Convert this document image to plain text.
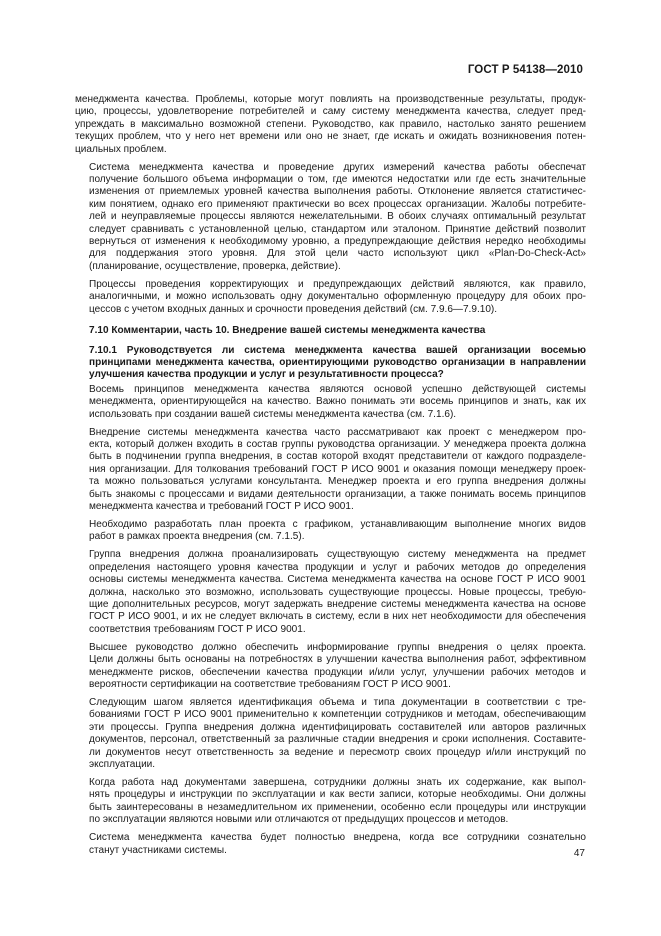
ГОСТ Р 54138—2010

менеджмента качества. Проблемы, которые могут повлиять на производственные результаты, продук-
цию, процессы, удовлетворение потребителей и саму систему менеджмента качества, следует пред-
упреждать в максимально возможной степени. Руководство, как правило, настолько занято решением
текущих проблем, что у него нет времени или оно не знает, где искать и ожидать возникновения потен-
циальных проблем.

Система менеджмента качества и проведение других измерений качества работы обеспечат
получение большого объема информации о том, где имеются недостатки или где есть значительные
изменения от приемлемых уровней качества выполнения работы. Отклонение является статистичес-
ким понятием, однако его применяют практически во всех процессах организации. Жалобы потребите-
лей и неуправляемые процессы являются нежелательными. В обоих случаях оптимальный результат
следует сравнивать с установленной целью, стандартом или эталоном. Принятие действий позволит
вернуться от изменения к необходимому уровню, а предупреждающие действия нередко необходимы
для поддержания этого уровня. Для этой цели часто используют цикл «Plan-Do-Check-Act»
(планирование, осуществление, проверка, действие).

Процессы проведения корректирующих и предупреждающих действий являются, как правило,
аналогичными, и можно использовать одну документально оформленную процедуру для обоих про-
цессов с учетом входных данных и срочности проведения действий (см. 7.9.6—7.9.10).

7.10 Комментарии, часть 10. Внедрение вашей системы менеджмента качества

7.10.1 Руководствуется ли система менеджмента качества вашей организации восемью
принципами менеджмента качества, ориентирующими руководство организации в направлении
улучшения качества продукции и услуг и результативности процесса?

Восемь принципов менеджмента качества являются основой успешно действующей системы
менеджмента, ориентирующейся на качество. Важно понимать эти восемь принципов и знать, как их
использовать при создании вашей системы менеджмента качества (см. 7.1.6).

Внедрение системы менеджмента качества часто рассматривают как проект с менеджером про-
екта, который должен входить в состав группы руководства организации. У менеджера проекта должна
быть в подчинении группа внедрения, в состав которой входят представители от каждого подразделе-
ния организации. Для толкования требований ГОСТ Р ИСО 9001 и оказания помощи менеджеру проек-
та можно пользоваться услугами консультанта. Менеджер проекта и его группа внедрения должны
быть знакомы с процессами и видами деятельности организации, а также понимать восемь принципов
менеджмента качества и требований ГОСТ Р ИСО 9001.

Необходимо разработать план проекта с графиком, устанавливающим выполнение многих видов
работ в рамках проекта внедрения (см. 7.1.5).

Группа внедрения должна проанализировать существующую систему менеджмента на предмет
определения настоящего уровня качества продукции и услуг и рабочих методов до определения
основы системы менеджмента качества. Система менеджмента качества на основе ГОСТ Р ИСО 9001
должна, насколько это возможно, использовать существующие процессы. Новые процессы, требую-
щие дополнительных ресурсов, могут задержать внедрение системы менеджмента качества на основе
ГОСТ Р ИСО 9001, и их не следует включать в систему, если в них нет необходимости для обеспечения
соответствия требованиям ГОСТ Р ИСО 9001.

Высшее руководство должно обеспечить информирование группы внедрения о целях проекта.
Цели должны быть основаны на потребностях в улучшении качества выполнения работ, эффективном
менеджменте рисков, обеспечении качества продукции и/или услуг, улучшении рабочих методов и
вероятности сертификации на соответствие требованиям ГОСТ Р ИСО 9001.

Следующим шагом является идентификация объема и типа документации в соответствии с тре-
бованиями ГОСТ Р ИСО 9001 применительно к компетенции сотрудников и методам, обеспечивающим
эти процессы. Группа внедрения должна идентифицировать составителей или авторов различных
документов, персонал, ответственный за различные стадии внедрения и сроки исполнения. Составите-
ли документов несут ответственность за ведение и пересмотр своих процедур и/или инструкций по
эксплуатации.

Когда работа над документами завершена, сотрудники должны знать их содержание, как выпол-
нять процедуры и инструкции по эксплуатации и как вести записи, которые необходимы. Они должны
быть заинтересованы в незамедлительном их применении, особенно если процедуры или инструкции
по эксплуатации являются новыми или отличаются от предыдущих процессов и методов.

Система менеджмента качества будет полностью внедрена, когда все сотрудники сознательно
станут участниками системы.	47
